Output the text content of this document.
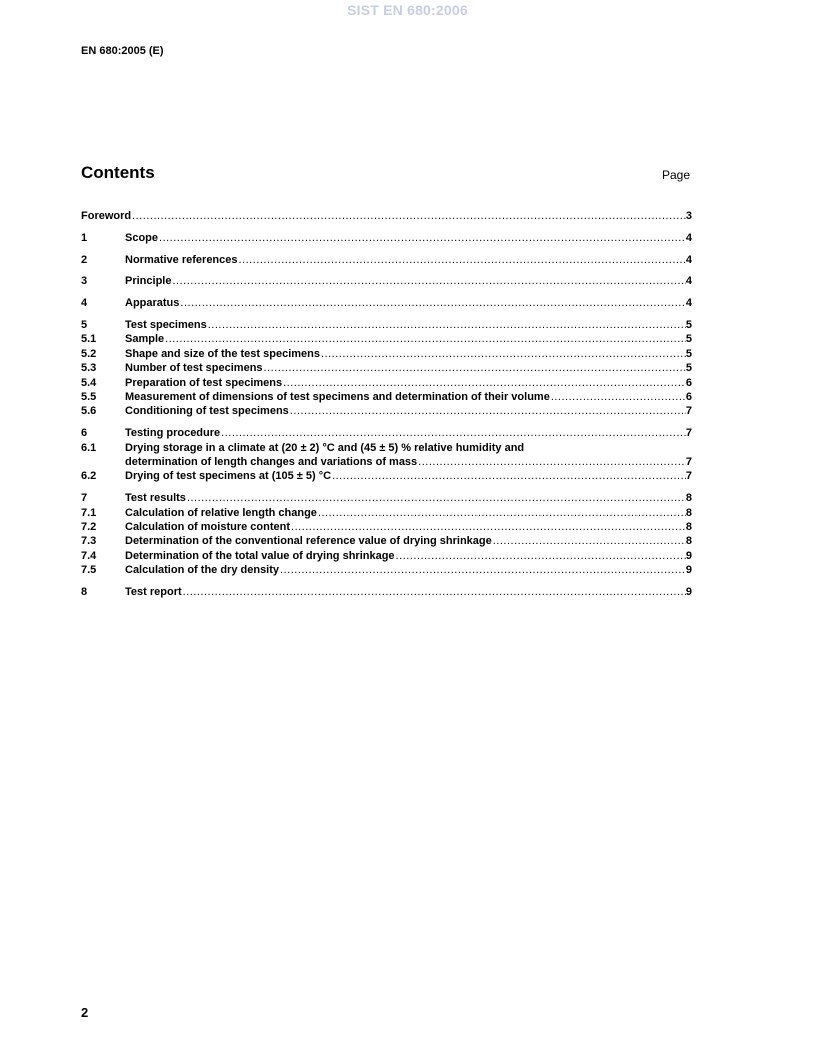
SIST EN 680:2006
EN 680:2005 (E)
Contents	Page
Foreword .....	3
1	Scope .....	4
2	Normative references .....	4
3	Principle .....	4
4	Apparatus .....	4
5	Test specimens .....	5
5.1	Sample .....	5
5.2	Shape and size of the test specimens .....	5
5.3	Number of test specimens .....	5
5.4	Preparation of test specimens .....	6
5.5	Measurement of dimensions of test specimens and determination of their volume .....	6
5.6	Conditioning of test specimens .....	7
6	Testing procedure .....	7
6.1	Drying storage in a climate at (20 ± 2) °C and (45 ± 5) % relative humidity and
determination of length changes and variations of mass .....	7
6.2	Drying of test specimens at (105 ± 5) °C .....	7
7	Test results .....	8
7.1	Calculation of relative length change .....	8
7.2	Calculation of moisture content .....	8
7.3	Determination of the conventional reference value of drying shrinkage .....	8
7.4	Determination of the total value of drying shrinkage .....	9
7.5	Calculation of the dry density .....	9
8	Test report .....	9
2
